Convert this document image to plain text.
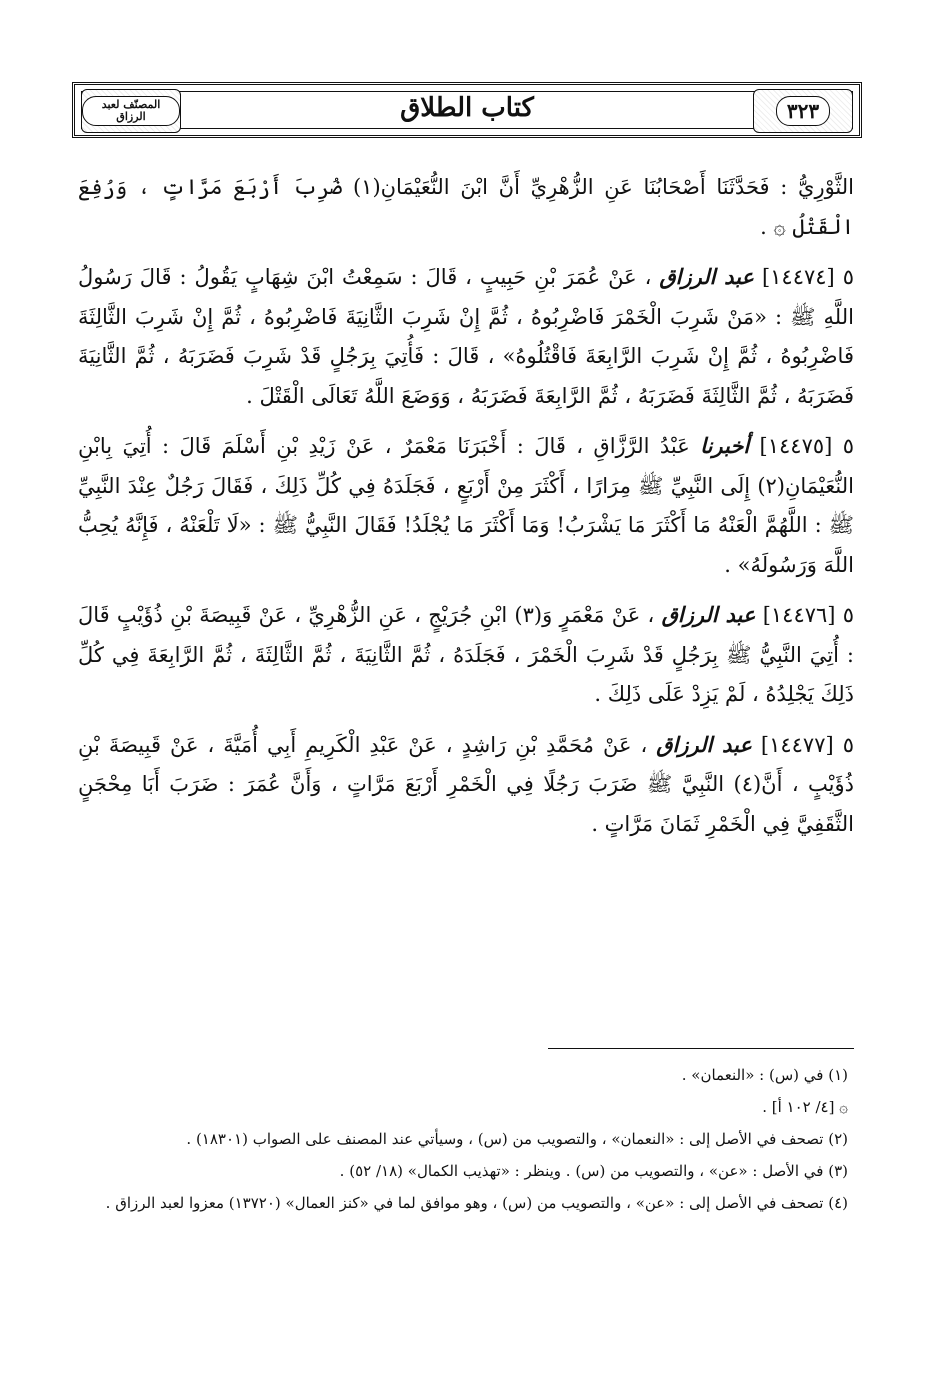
المصنّف لعبد الرزاق	كتاب الطلاق	٣٢٣

الثَّوْرِيُّ : فَحَدَّثَنَا أَصْحَابُنَا عَنِ الزُّهْرِيِّ أَنَّ ابْنَ النُّعَيْمَانِ(١) ضُرِبَ أَرْبَعَ مَرَّاتٍ ، وَرُفِعَ الْقَتْلُ ۞ .

٥ [١٤٤٧٤] عبد الرزاق ، عَنْ عُمَرَ بْنِ حَبِيبٍ ، قَالَ : سَمِعْتُ ابْنَ شِهَابٍ يَقُولُ : قَالَ رَسُولُ اللَّهِ ﷺ : «مَنْ شَرِبَ الْخَمْرَ فَاضْرِبُوهُ ، ثُمَّ إِنْ شَرِبَ الثَّانِيَةَ فَاضْرِبُوهُ ، ثُمَّ إِنْ شَرِبَ الثَّالِثَةَ فَاضْرِبُوهُ ، ثُمَّ إِنْ شَرِبَ الرَّابِعَةَ فَاقْتُلُوهُ» ، قَالَ : فَأُتِيَ بِرَجُلٍ قَدْ شَرِبَ فَضَرَبَهُ ، ثُمَّ الثَّانِيَةَ فَضَرَبَهُ ، ثُمَّ الثَّالِثَةَ فَضَرَبَهُ ، ثُمَّ الرَّابِعَةَ فَضَرَبَهُ ، وَوَضَعَ اللَّهُ تَعَالَى الْقَتْلَ .

٥ [١٤٤٧٥] أخبرنا عَبْدُ الرَّزَّاقِ ، قَالَ : أَخْبَرَنَا مَعْمَرٌ ، عَنْ زَيْدِ بْنِ أَسْلَمَ قَالَ : أُتِيَ بِابْنِ النُّعَيْمَانِ(٢) إِلَى النَّبِيِّ ﷺ مِرَارًا ، أَكْثَرَ مِنْ أَرْبَعٍ ، فَجَلَدَهُ فِي كُلِّ ذَلِكَ ، فَقَالَ رَجُلٌ عِنْدَ النَّبِيِّ ﷺ : اللَّهُمَّ الْعَنْهُ مَا أَكْثَرَ مَا يَشْرَبُ! وَمَا أَكْثَرَ مَا يُجْلَدُ! فَقَالَ النَّبِيُّ ﷺ : «لَا تَلْعَنْهُ ، فَإِنَّهُ يُحِبُّ اللَّهَ وَرَسُولَهُ» .

٥ [١٤٤٧٦] عبد الرزاق ، عَنْ مَعْمَرٍ وَ(٣) ابْنِ جُرَيْجٍ ، عَنِ الزُّهْرِيِّ ، عَنْ قَبِيصَةَ بْنِ ذُؤَيْبٍ قَالَ : أُتِيَ النَّبِيُّ ﷺ بِرَجُلٍ قَدْ شَرِبَ الْخَمْرَ ، فَجَلَدَهُ ، ثُمَّ الثَّانِيَةَ ، ثُمَّ الثَّالِثَةَ ، ثُمَّ الرَّابِعَةَ فِي كُلِّ ذَلِكَ يَجْلِدُهُ ، لَمْ يَزِدْ عَلَى ذَلِكَ .

٥ [١٤٤٧٧] عبد الرزاق ، عَنْ مُحَمَّدِ بْنِ رَاشِدٍ ، عَنْ عَبْدِ الْكَرِيمِ أَبِي أُمَيَّةَ ، عَنْ قَبِيصَةَ بْنِ ذُؤَيْبٍ ، أَنَّ(٤) النَّبِيَّ ﷺ ضَرَبَ رَجُلًا فِي الْخَمْرِ أَرْبَعَ مَرَّاتٍ ، وَأَنَّ عُمَرَ : ضَرَبَ أَبَا مِحْجَنٍ الثَّقَفِيَّ فِي الْخَمْرِ ثَمَانَ مَرَّاتٍ .

(١) في (س) : «النعمان» .
۞ [٤/ ١٠٢ أ] .
(٢) تصحف في الأصل إلى : «النعمان» ، والتصويب من (س) ، وسيأتي عند المصنف على الصواب (١٨٣٠١) .
(٣) في الأصل : «عن» ، والتصويب من (س) . وينظر : «تهذيب الكمال» (١٨/ ٥٢) .
(٤) تصحف في الأصل إلى : «عن» ، والتصويب من (س) ، وهو موافق لما في «كنز العمال» (١٣٧٢٠) معزوا لعبد الرزاق .
